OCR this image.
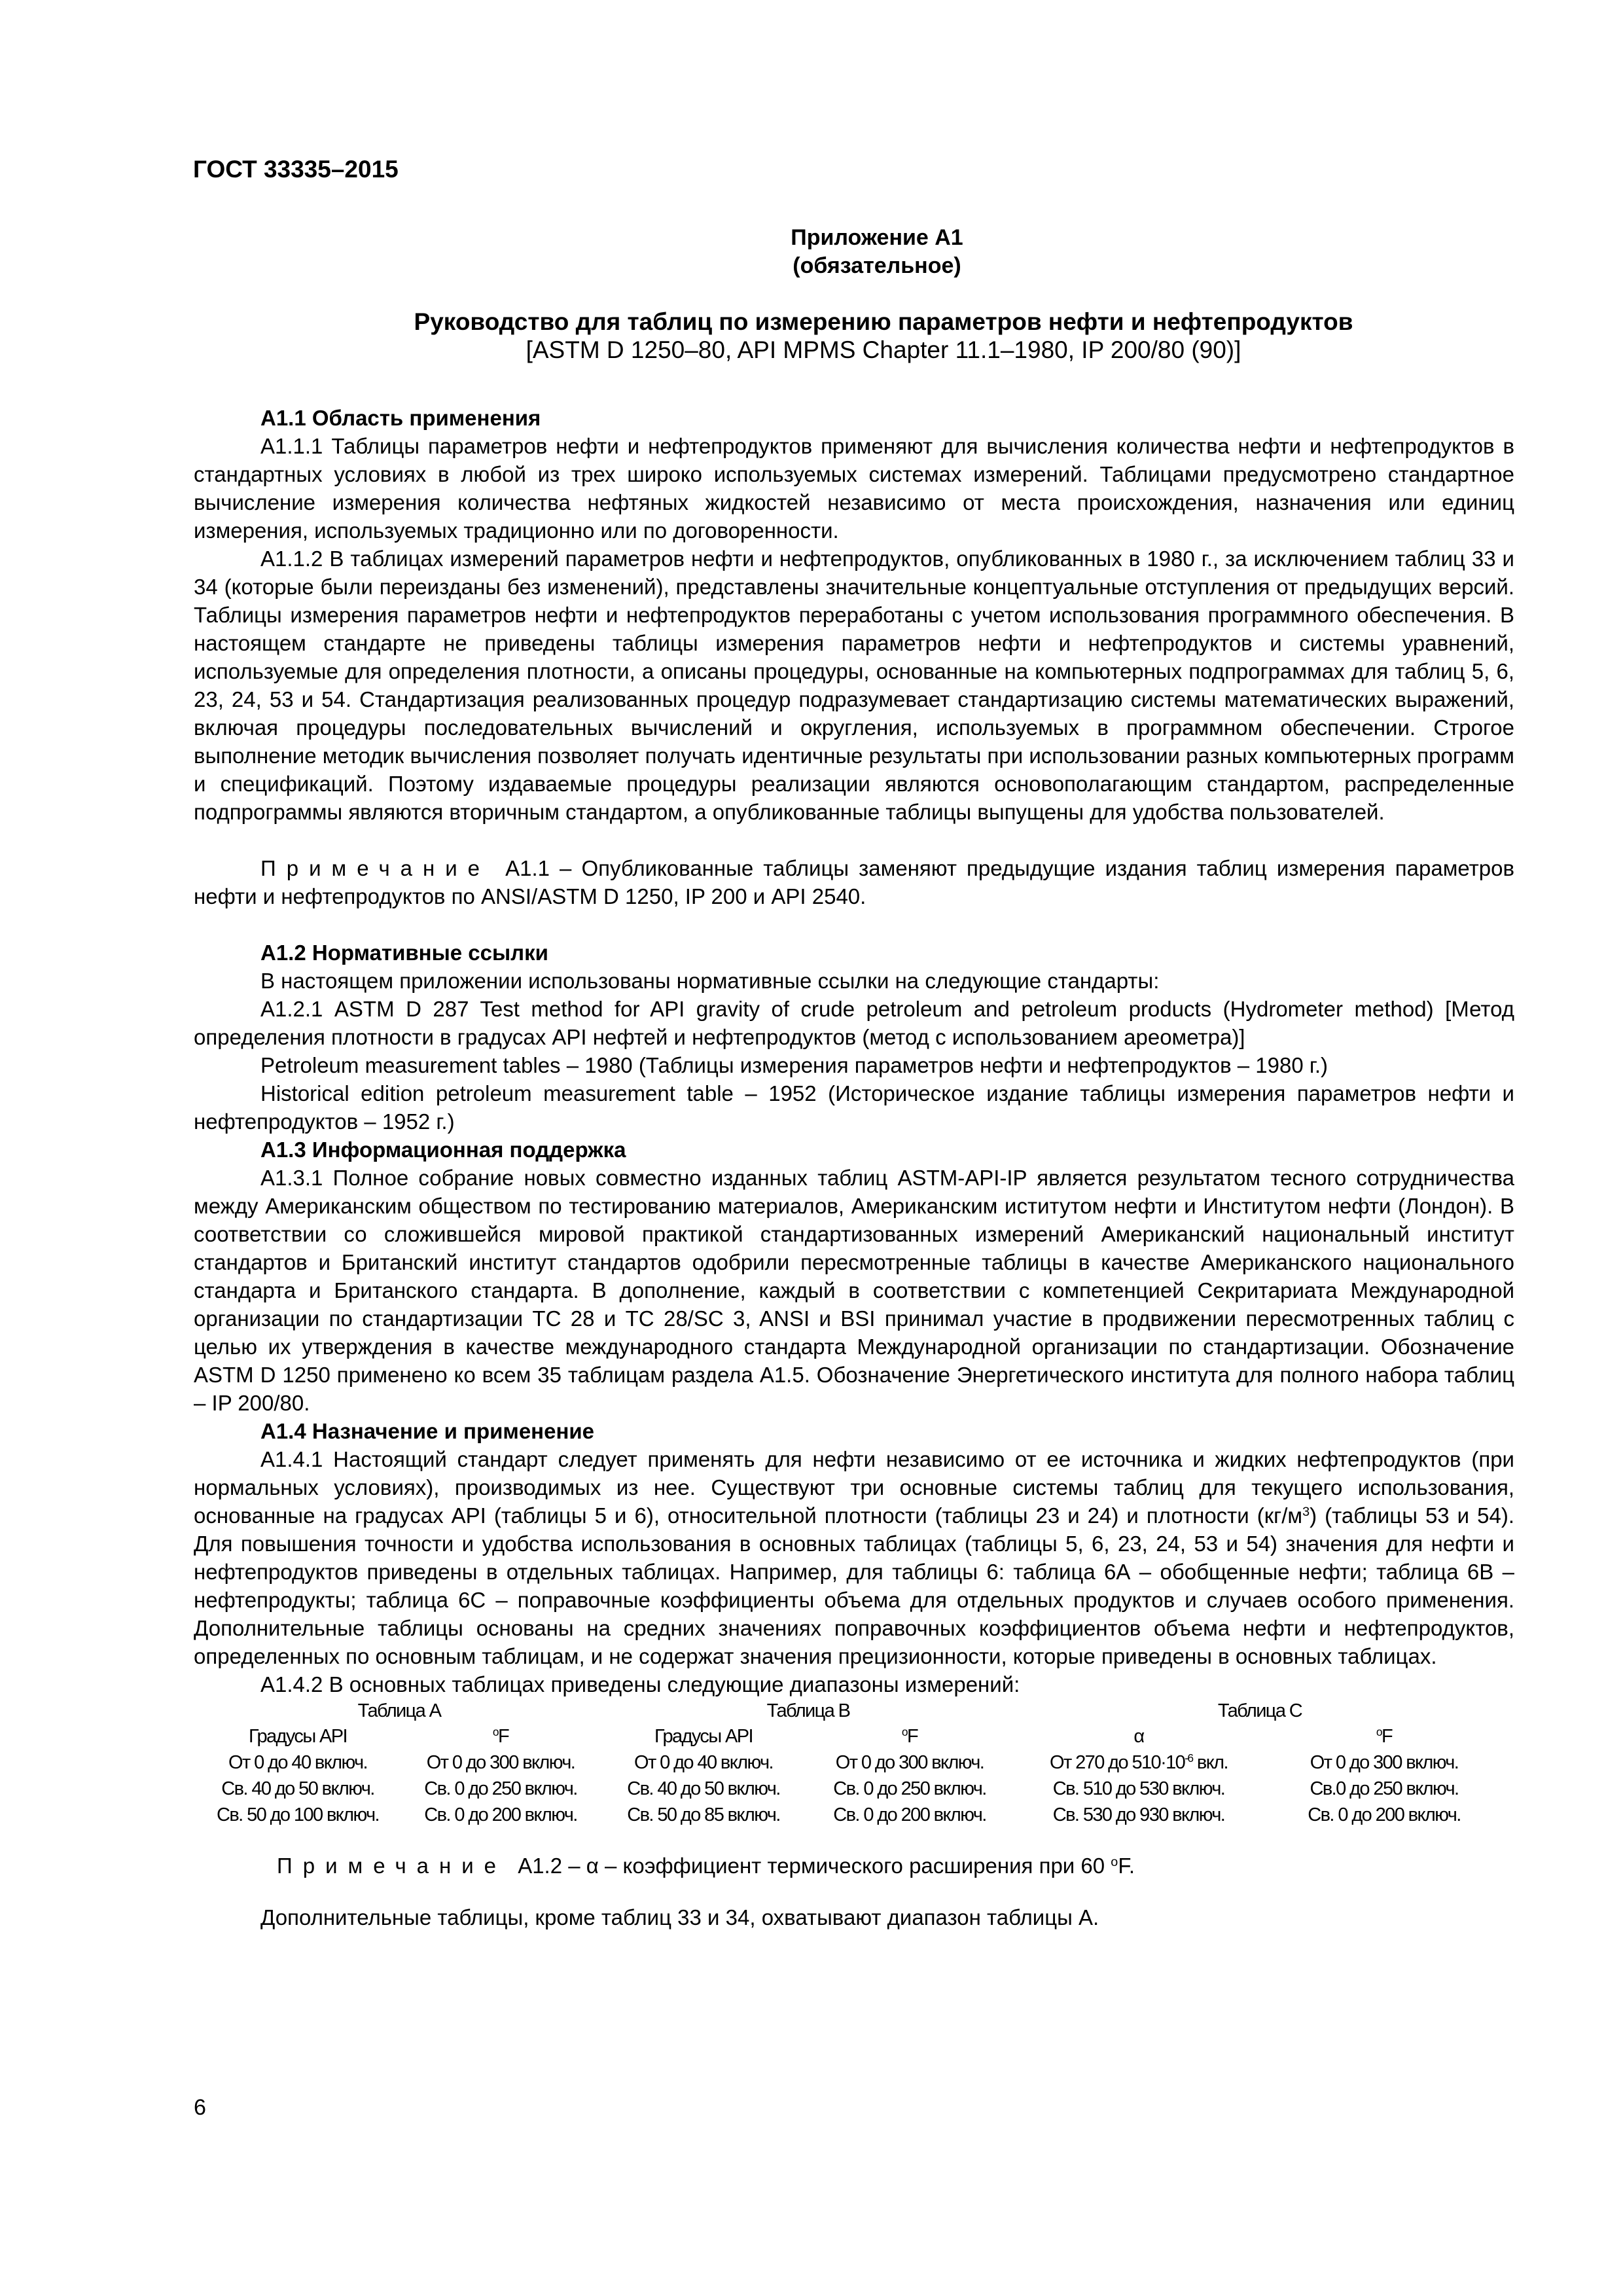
ГОСТ 33335–2015
Приложение А1
(обязательное)
Руководство для таблиц по измерению параметров нефти и нефтепродуктов
[ASTM D 1250–80, API MPMS Chapter 11.1–1980, IP 200/80 (90)]
А1.1 Область применения

А1.1.1 Таблицы параметров нефти и нефтепродуктов применяют для вычисления количества нефти и нефтепродуктов в стандартных условиях в любой из трех широко используемых системах измерений. Таблицами предусмотрено стандартное вычисление измерения количества нефтяных жидкостей независимо от места происхождения, назначения или единиц измерения, используемых традиционно или по договоренности.

А1.1.2 В таблицах измерений параметров нефти и нефтепродуктов, опубликованных в 1980 г., за исключением таблиц 33 и 34 (которые были переизданы без изменений), представлены значительные концептуальные отступления от предыдущих версий. Таблицы измерения параметров нефти и нефтепродуктов переработаны с учетом использования программного обеспечения. В настоящем стандарте не приведены таблицы измерения параметров нефти и нефтепродуктов и системы уравнений, используемые для определения плотности, а описаны процедуры, основанные на компьютерных подпрограммах для таблиц 5, 6, 23, 24, 53 и 54. Стандартизация реализованных процедур подразумевает стандартизацию системы математических выражений, включая процедуры последовательных вычислений и округления, используемых в программном обеспечении. Строгое выполнение методик вычисления позволяет получать идентичные результаты при использовании разных компьютерных программ и спецификаций. Поэтому издаваемые процедуры реализации являются основополагающим стандартом, распределенные подпрограммы являются вторичным стандартом, а опубликованные таблицы выпущены для удобства пользователей.

Примечание А1.1 – Опубликованные таблицы заменяют предыдущие издания таблиц измерения параметров нефти и нефтепродуктов по ANSI/ASTM D 1250, IP 200 и API 2540.

А1.2 Нормативные ссылки

В настоящем приложении использованы нормативные ссылки на следующие стандарты:

А1.2.1 ASTM D 287 Test method for API gravity of crude petroleum and petroleum products (Hydrometer method) [Метод определения плотности в градусах API нефтей и нефтепродуктов (метод с использованием ареометра)]

Petroleum measurement tables – 1980 (Таблицы измерения параметров нефти и нефтепродуктов – 1980 г.)

Historical edition petroleum measurement table – 1952 (Историческое издание таблицы измерения параметров нефти и нефтепродуктов – 1952 г.)

А1.3 Информационная поддержка

А1.3.1 Полное собрание новых совместно изданных таблиц ASTM-API-IP является результатом тесного сотрудничества между Американским обществом по тестированию материалов, Американским иститутом нефти и Институтом нефти (Лондон). В соответствии со сложившейся мировой практикой стандартизованных измерений Американский национальный институт стандартов и Британский институт стандартов одобрили пересмотренные таблицы в качестве Американского национального стандарта и Британского стандарта. В дополнение, каждый в соответствии с компетенцией Секритариата Международной организации по стандартизации ТС 28 и ТС 28/SC 3, ANSI и BSI принимал участие в продвижении пересмотренных таблиц с целью их утверждения в качестве международного стандарта Международной организации по стандартизации. Обозначение ASTM D 1250 применено ко всем 35 таблицам раздела А1.5. Обозначение Энергетического института для полного набора таблиц – IP 200/80.

А1.4 Назначение и применение

А1.4.1 Настоящий стандарт следует применять для нефти независимо от ее источника и жидких нефтепродуктов (при нормальных условиях), производимых из нее. Существуют три основные системы таблиц для текущего использования, основанные на градусах API (таблицы 5 и 6), относительной плотности (таблицы 23 и 24) и плотности $(кг/м^3)$ (таблицы 53 и 54). Для повышения точности и удобства использования в основных таблицах (таблицы 5, 6, 23, 24, 53 и 54) значения для нефти и нефтепродуктов приведены в отдельных таблицах. Например, для таблицы 6: таблица 6А – обобщенные нефти; таблица 6В – нефтепродукты; таблица 6С – поправочные коэффициенты объема для отдельных продуктов и случаев особого применения. Дополнительные таблицы основаны на средних значениях поправочных коэффициентов объема нефти и нефтепродуктов, определенных по основным таблицам, и не содержат значения прецизионности, которые приведены в основных таблицах.

А1.4.2 В основных таблицах приведены следующие диапазоны измерений:

Таблица А		Таблица В		Таблица С	
Градусы API	$^o$F	Градусы API	$^o$F	α	$^o$F
От 0 до 40 включ.	От 0 до 300 включ.	От 0 до 40 включ.	От 0 до 300 включ.	От 270 до $510\cdot 10^{-6}$ вкл.	От 0 до 300 включ.
Св. 40 до 50 включ.	Св. 0 до 250 включ.	Св. 40 до 50 включ.	Св. 0 до 250 включ.	Св. 510 до 530 включ.	Св.0 до 250 включ.
Св. 50 до 100 включ.	Св. 0 до 200 включ.	Св. 50 до 85 включ.	Св. 0 до 200 включ.	Св. 530 до 930 включ.	Св. 0 до 200 включ.

Примечание А1.2 – α – коэффициент термического расширения при 60 $^o$F.

Дополнительные таблицы, кроме таблиц 33 и 34, охватывают диапазон таблицы А.

6
